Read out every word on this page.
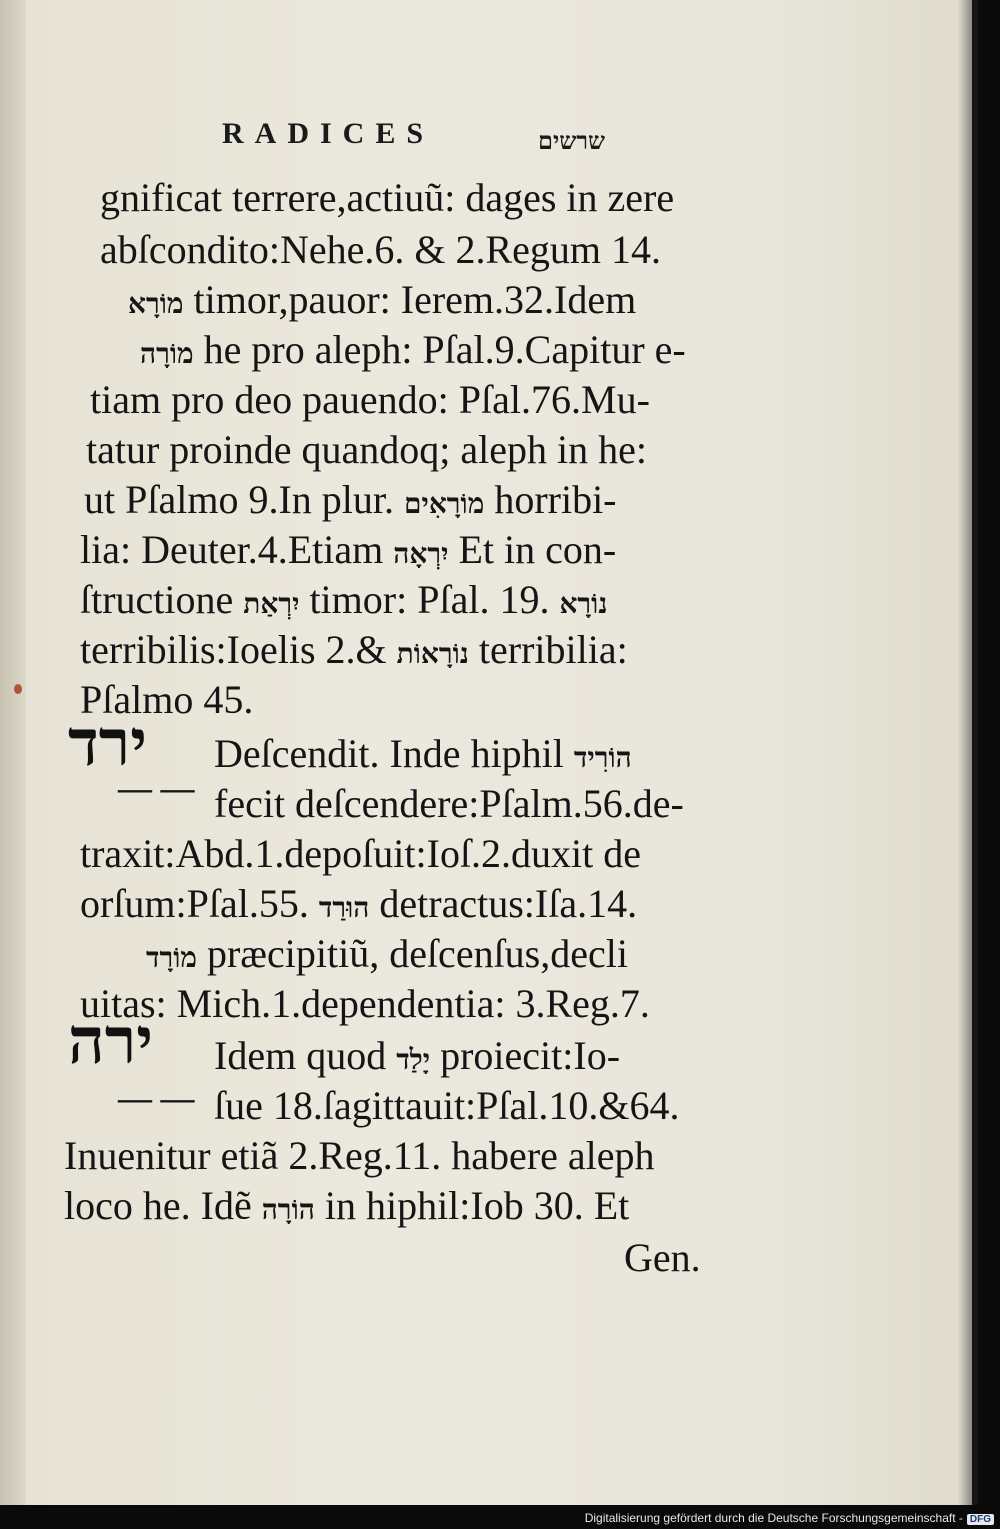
RADICES	שרשים
ירד
— —
ירה
— —
gnificat terrere,actiuũ: dages in zere
abſcondito:Nehe.6. & 2.Regum 14.
מוֹרָא timor,pauor: Ierem.32.Idem
מוֹרָה he pro aleph: Pſal.9.Capitur e-
tiam pro deo pauendo: Pſal.76.Mu-
tatur proinde quandoq; aleph in he:
ut Pſalmo 9.In plur. מוֹרָאִים horribi-
lia: Deuter.4.Etiam יִרְאָה Et in con-
ſtructione יִרְאַת timor: Pſal. 19. נוֹרָא
terribilis:Ioelis 2.& נוֹרָאוֹת terribilia:
Pſalmo 45.
Deſcendit. Inde hiphil הוֹרִיד
fecit deſcendere:Pſalm.56.de-
traxit:Abd.1.depoſuit:Ioſ.2.duxit de
orſum:Pſal.55. הוּרַד detractus:Iſa.14.
מוֹרָד præcipitiũ, deſcenſus,decli
uitas: Mich.1.dependentia: 3.Reg.7.
Idem quod יָלַד proiecit:Io-
ſue 18.ſagittauit:Pſal.10.&64.
Inuenitur etiã 2.Reg.11. habere aleph
loco he. Idẽ הוֹרָה in hiphil:Iob 30. Et
Gen.
Digitalisierung gefördert durch die Deutsche Forschungsgemeinschaft - DFG
